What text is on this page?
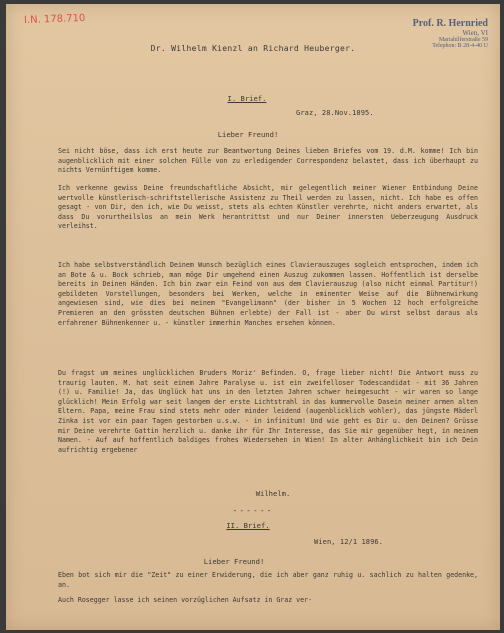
I.N. 178.710	Prof. R. Hernried
Wien, VI
Mariahilferstraße 59
Telephon: B 28-4-40 U
Dr. Wilhelm Kienzl an Richard Heuberger.
I. Brief.
Graz, 28.Nov.1895.
Lieber Freund!
Sei nicht böse, dass ich erst heute zur Beantwortung Deines lieben Briefes vom 19. d.M. komme! Ich bin augenblicklich mit einer solchen Fülle von zu erledigender Correspondenz belastet, dass ich überhaupt zu nichts Vernünftigem komme.
Ich verkenne gewiss Deine freundschaftliche Absicht, mir gelegentlich meiner Wiener Entbindung Deine wertvolle künstlerisch-schriftstellerische Assistenz zu Theil werden zu lassen, nicht. Ich habe es offen gesagt - von Dir, den ich, wie Du weisst, stets als echten Künstler verehrte, nicht anders erwartet, als dass Du vorurtheilslos an mein Werk herantrittst und nur Deiner innersten Ueberzeugung Ausdruck verleihst.
Ich habe selbstverständlich Deinem Wunsch bezüglich eines Clavierauszuges sogleich entsprochen, indem ich an Bote & u. Bock schrieb, man möge Dir umgehend einen Auszug zukommen lassen. Hoffentlich ist derselbe bereits in Deinen Händen. Ich bin zwar ein Feind von aus dem Clavierauszug (also nicht einmal Partitur!) gebildeten Vorstellungen, besonders bei Werken, welche in eminenter Weise auf die Bühnenwirkung angewiesen sind, wie dies bei meinem "Evangelimann" (der bisher in 5 Wochen 12 hoch erfolgreiche Premieren an den grössten deutschen Bühnen erlebte) der Fall ist - aber Du wirst selbst daraus als erfahrener Bühnenkenner u. - künstler immerhin Manches ersehen können.
Du fragst um meines unglücklichen Bruders Moriz' Befinden. O, frage lieber nicht! Die Antwort muss zu traurig lauten. M. hat seit einem Jahre Paralyse u. ist ein zweifelloser Todescandidat - mit 36 Jahren (!) u. Familie! Ja, das Unglück hat uns in den letzten Jahren schwer heimgesucht - wir waren so lange glücklich! Mein Erfolg war seit langem der erste Lichtstrahl in das kummervolle Dasein meiner armen alten Eltern. Papa, meine Frau sind stets mehr oder minder leidend (augenblicklich wohler), das jüngste Mäderl Zinka ist vor ein paar Tagen gestorben u.s.w. - in infinitum! Und wie geht es Dir u. den Deinen? Grüsse mir Deine verehrte Gattin herzlich u. danke ihr für Ihr Interesse, das Sie mir gegenüber hegt, in meinem Namen. - Auf auf hoffentlich baldiges frohes Wiedersehen in Wien! In alter Anhänglichkeit bin ich Dein aufrichtig ergebener
Wilhelm.
------
II. Brief.
Wien, 12/1 1896.
Lieber Freund!
Eben bot sich mir die "Zeit" zu einer Erwiderung, die ich aber ganz ruhig u. sachlich zu halten gedenke, an.
Auch Rosegger lasse ich seinen vorzüglichen Aufsatz in Graz ver-
